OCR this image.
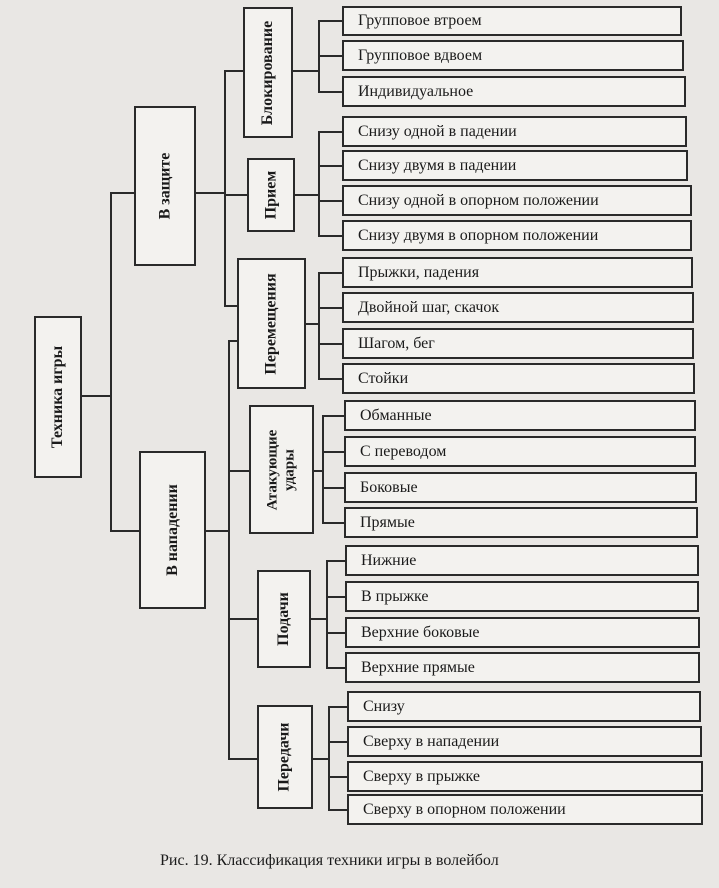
Техника игры
В защите
В нападении
Блокирование
Прием
Перемещения
Атакующие удары
Подачи
Передачи
Групповое втроем
Групповое вдвоем
Индивидуальное
Снизу одной в падении
Снизу двумя в падении
Снизу одной в опорном положении
Снизу двумя в опорном положении
Прыжки, падения
Двойной шаг, скачок
Шагом, бег
Стойки
Обманные
С переводом
Боковые
Прямые
Нижние
В прыжке
Верхние боковые
Верхние прямые
Снизу
Сверху в нападении
Сверху в прыжке
Сверху в опорном положении
Рис. 19. Классификация техники игры в волейбол
